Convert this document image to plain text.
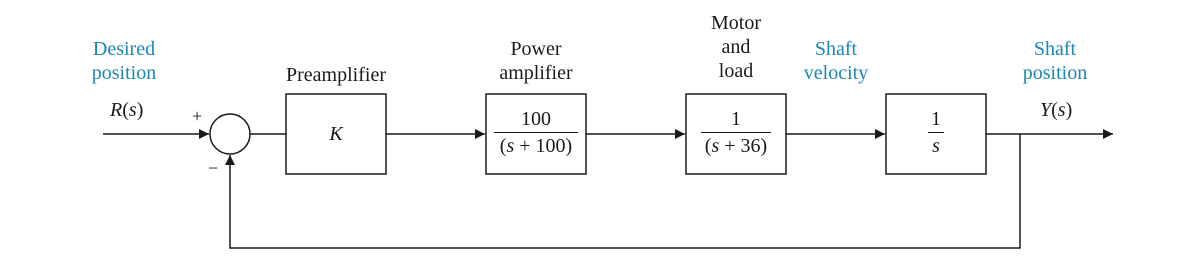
Desired
position
R(s)	+
−
Preamplifier
K
Power
amplifier
100
(s + 100)
Motor
and
load
1
(s + 36)
Shaft
velocity
1
s
Shaft
position
Y(s)
